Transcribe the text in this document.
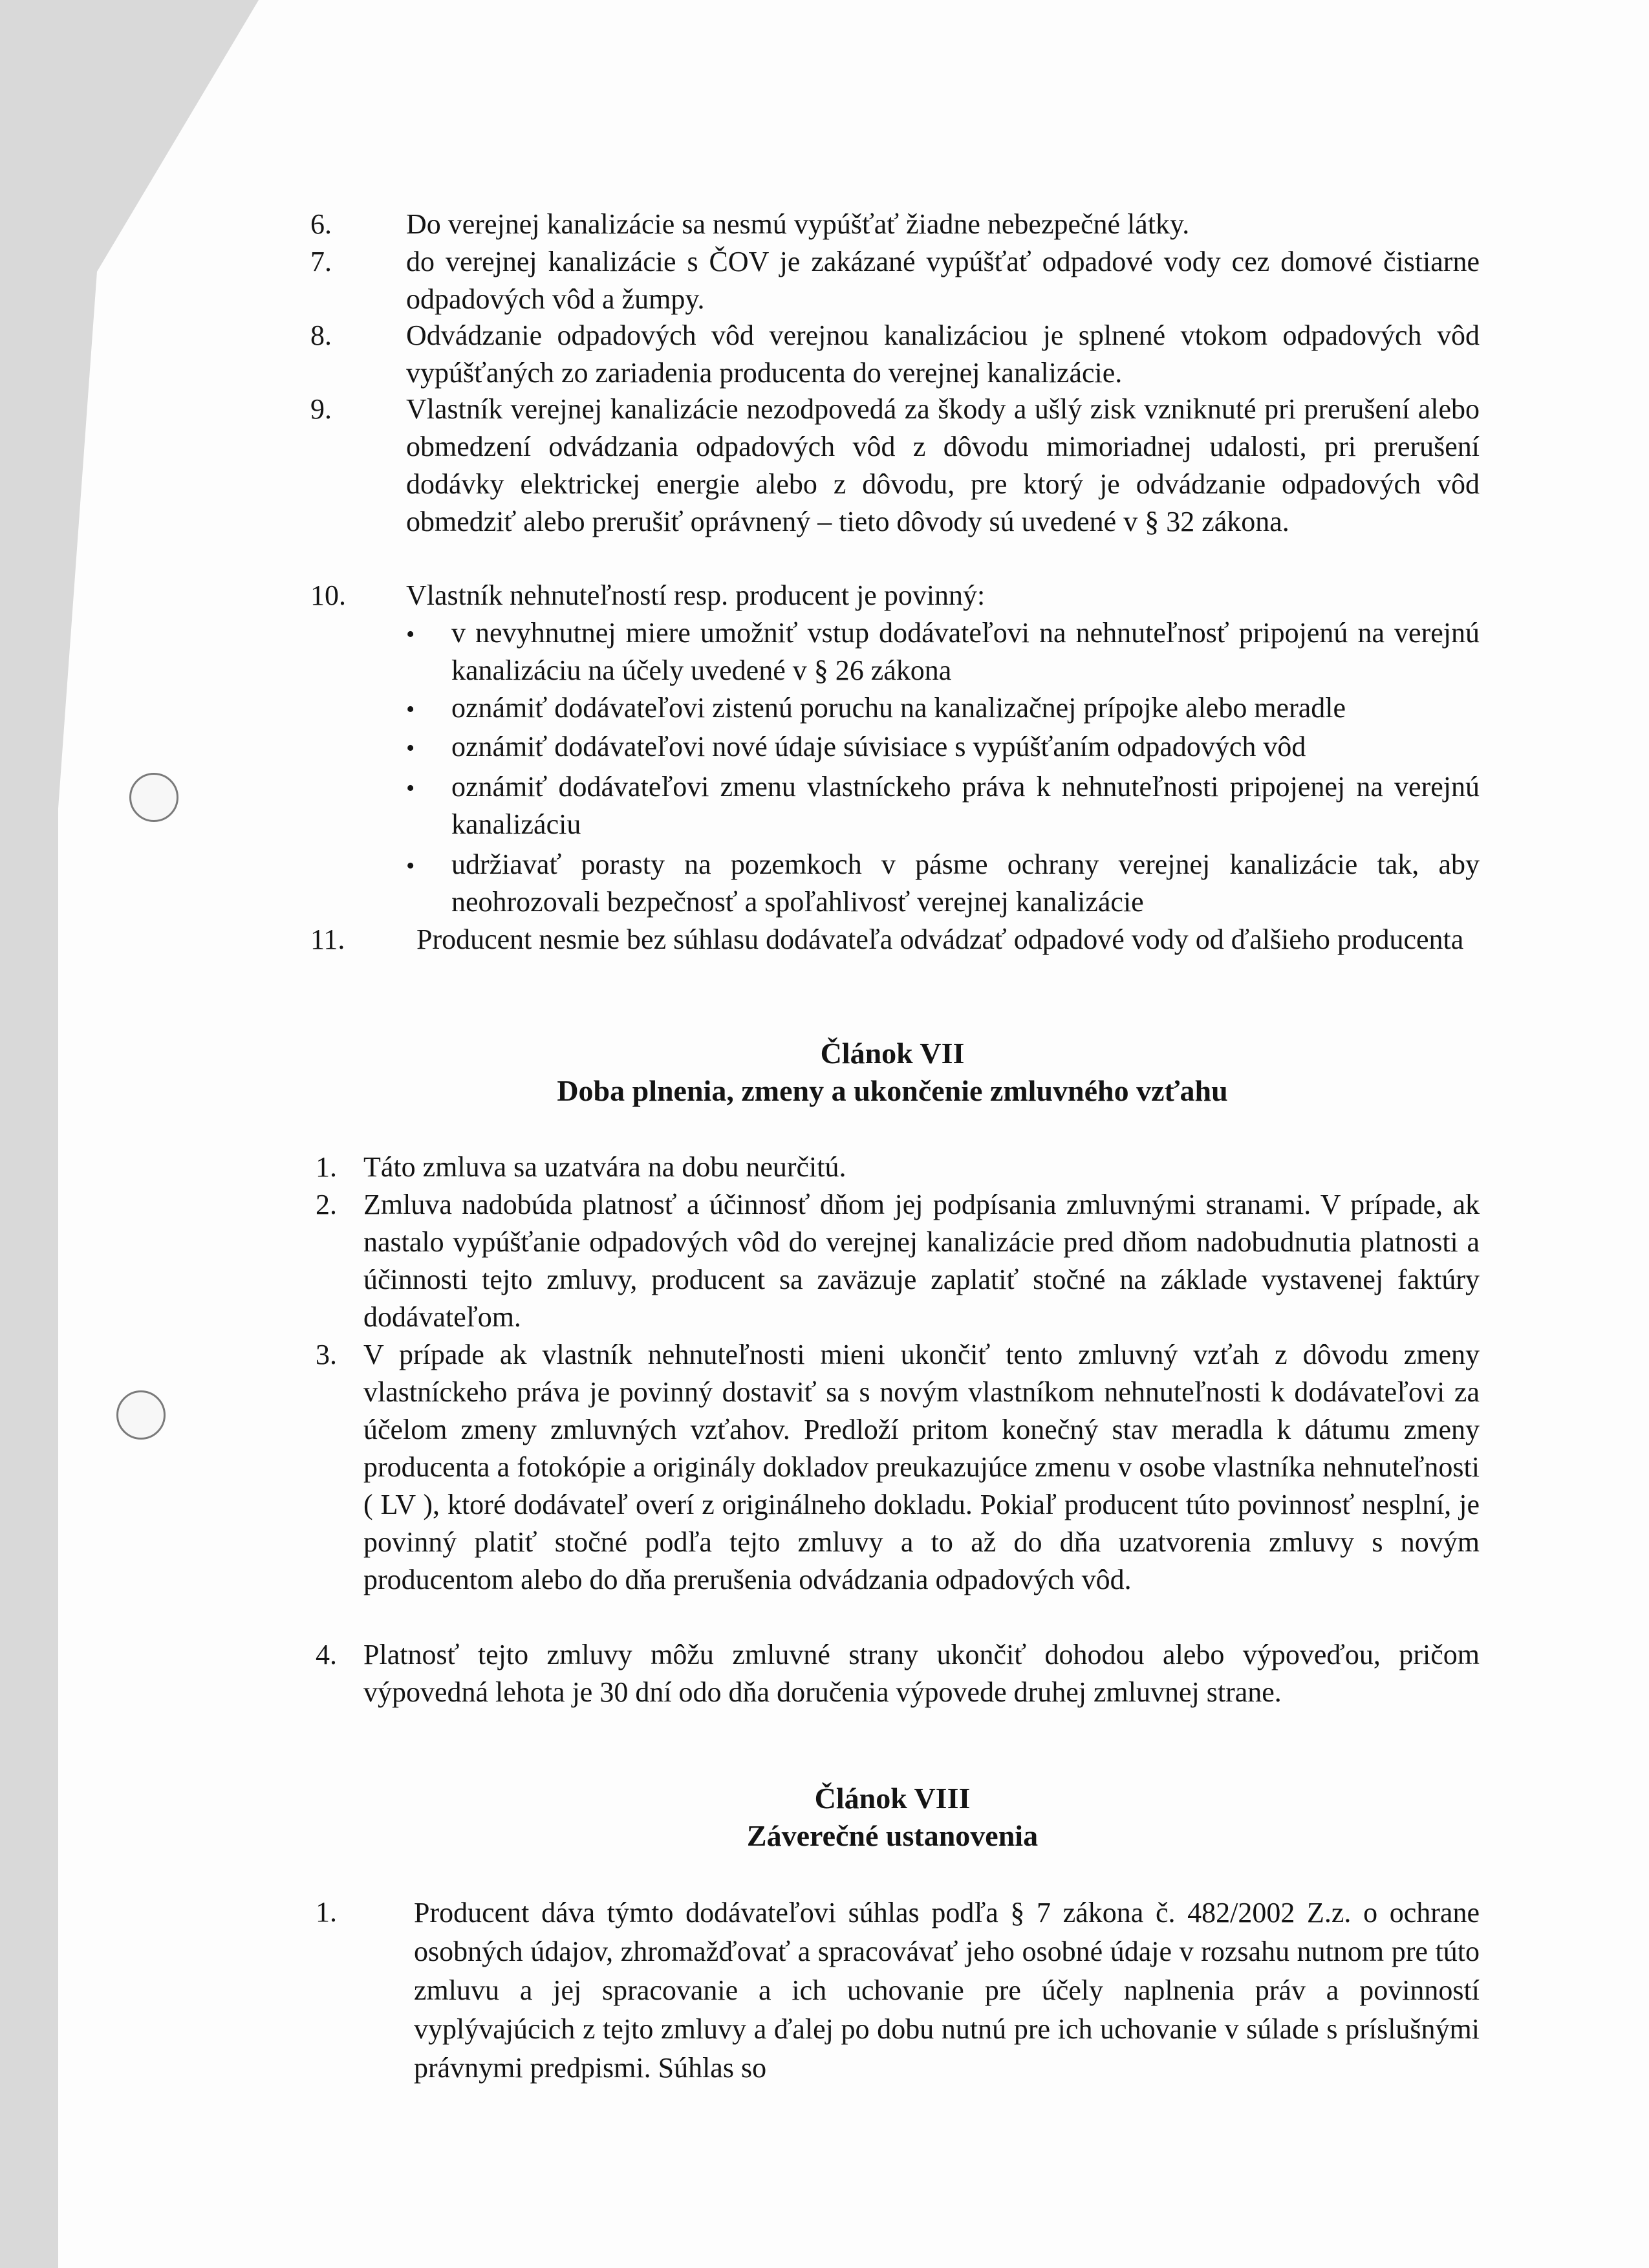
6.	Do verejnej kanalizácie sa nesmú vypúšťať žiadne nebezpečné látky.
7.	do verejnej kanalizácie s ČOV je zakázané vypúšťať odpadové vody cez domové čistiarne odpadových vôd a žumpy.
8.	Odvádzanie odpadových vôd verejnou kanalizáciou je splnené vtokom odpadových vôd vypúšťaných zo zariadenia producenta do verejnej kanalizácie.
9.	Vlastník verejnej kanalizácie nezodpovedá za škody a ušlý zisk vzniknuté pri prerušení alebo obmedzení odvádzania odpadových vôd z dôvodu mimoriadnej udalosti, pri prerušení dodávky elektrickej energie alebo z dôvodu, pre ktorý je odvádzanie odpadových vôd obmedziť alebo prerušiť oprávnený – tieto dôvody sú uvedené v § 32 zákona.
10. Vlastník nehnuteľností resp. producent je povinný:
• v nevyhnutnej miere umožniť vstup dodávateľovi na nehnuteľnosť pripojenú na verejnú kanalizáciu na účely uvedené v § 26 zákona
• oznámiť dodávateľovi zistenú poruchu na kanalizačnej prípojke alebo meradle
• oznámiť dodávateľovi nové údaje súvisiace s vypúšťaním odpadových vôd
• oznámiť dodávateľovi zmenu vlastníckeho práva k nehnuteľnosti pripojenej na verejnú kanalizáciu
• udržiavať porasty na pozemkoch v pásme ochrany verejnej kanalizácie tak, aby neohrozovali bezpečnosť a spoľahlivosť verejnej kanalizácie
11.	Producent nesmie bez súhlasu dodávateľa odvádzať odpadové vody od ďalšieho producenta
Článok VII
Doba plnenia, zmeny a ukončenie zmluvného vzťahu
1. Táto zmluva sa uzatvára na dobu neurčitú.
2. Zmluva nadobúda platnosť a účinnosť dňom jej podpísania zmluvnými stranami. V prípade, ak nastalo vypúšťanie odpadových vôd do verejnej kanalizácie pred dňom nadobudnutia platnosti a účinnosti tejto zmluvy, producent sa zaväzuje zaplatiť stočné na základe vystavenej faktúry dodávateľom.
3. V prípade ak vlastník nehnuteľnosti mieni ukončiť tento zmluvný vzťah z dôvodu zmeny vlastníckeho práva je povinný dostaviť sa s novým vlastníkom nehnuteľnosti k dodávateľovi za účelom zmeny zmluvných vzťahov. Predloží pritom konečný stav meradla k dátumu zmeny producenta a fotokópie a originály dokladov preukazujúce zmenu v osobe vlastníka nehnuteľnosti ( LV ), ktoré dodávateľ overí z originálneho dokladu. Pokiaľ producent túto povinnosť nesplní, je povinný platiť stočné podľa tejto zmluvy a to až do dňa uzatvorenia zmluvy s novým producentom alebo do dňa prerušenia odvádzania odpadových vôd.
4. Platnosť tejto zmluvy môžu zmluvné strany ukončiť dohodou alebo výpoveďou, pričom výpovedná lehota je 30 dní odo dňa doručenia výpovede druhej zmluvnej strane.
Článok VIII
Záverečné ustanovenia
1.	Producent dáva týmto dodávateľovi súhlas podľa § 7 zákona č. 482/2002 Z.z. o ochrane osobných údajov, zhromažďovať a spracovávať jeho osobné údaje v rozsahu nutnom pre túto zmluvu a jej spracovanie a ich uchovanie pre účely naplnenia práv a povinností vyplývajúcich z tejto zmluvy a ďalej po dobu nutnú pre ich uchovanie v súlade s príslušnými právnymi predpismi. Súhlas so
